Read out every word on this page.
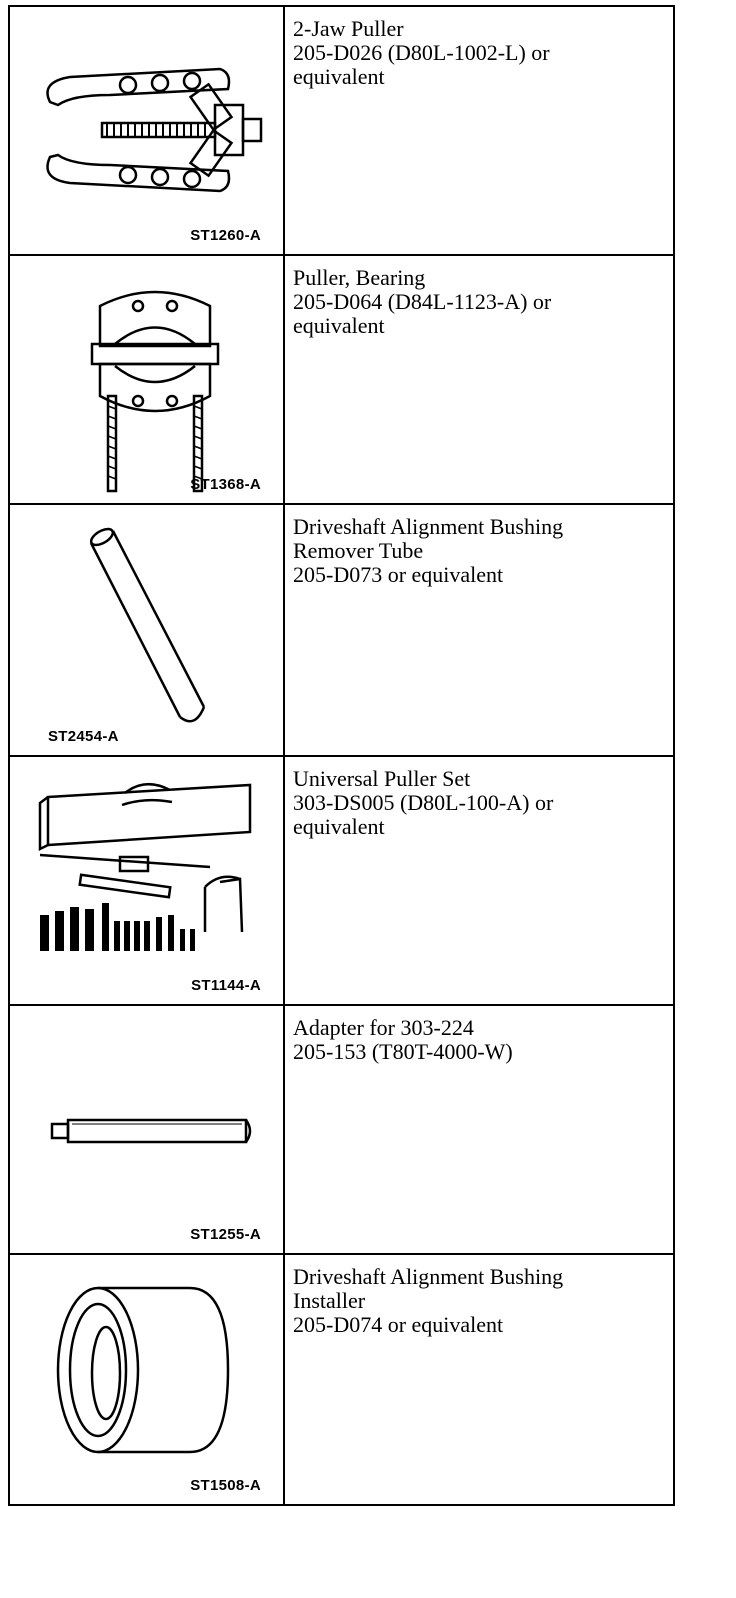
ST1260-A	2-Jaw Puller
205-D026 (D80L-1002-L) or
equivalent

ST1368-A	Puller, Bearing
205-D064 (D84L-1123-A) or
equivalent

ST2454-A	Driveshaft Alignment Bushing
Remover Tube
205-D073 or equivalent

ST1144-A	Universal Puller Set
303-DS005 (D80L-100-A) or
equivalent

ST1255-A	Adapter for 303-224
205-153 (T80T-4000-W)

ST1508-A	Driveshaft Alignment Bushing
Installer
205-D074 or equivalent
